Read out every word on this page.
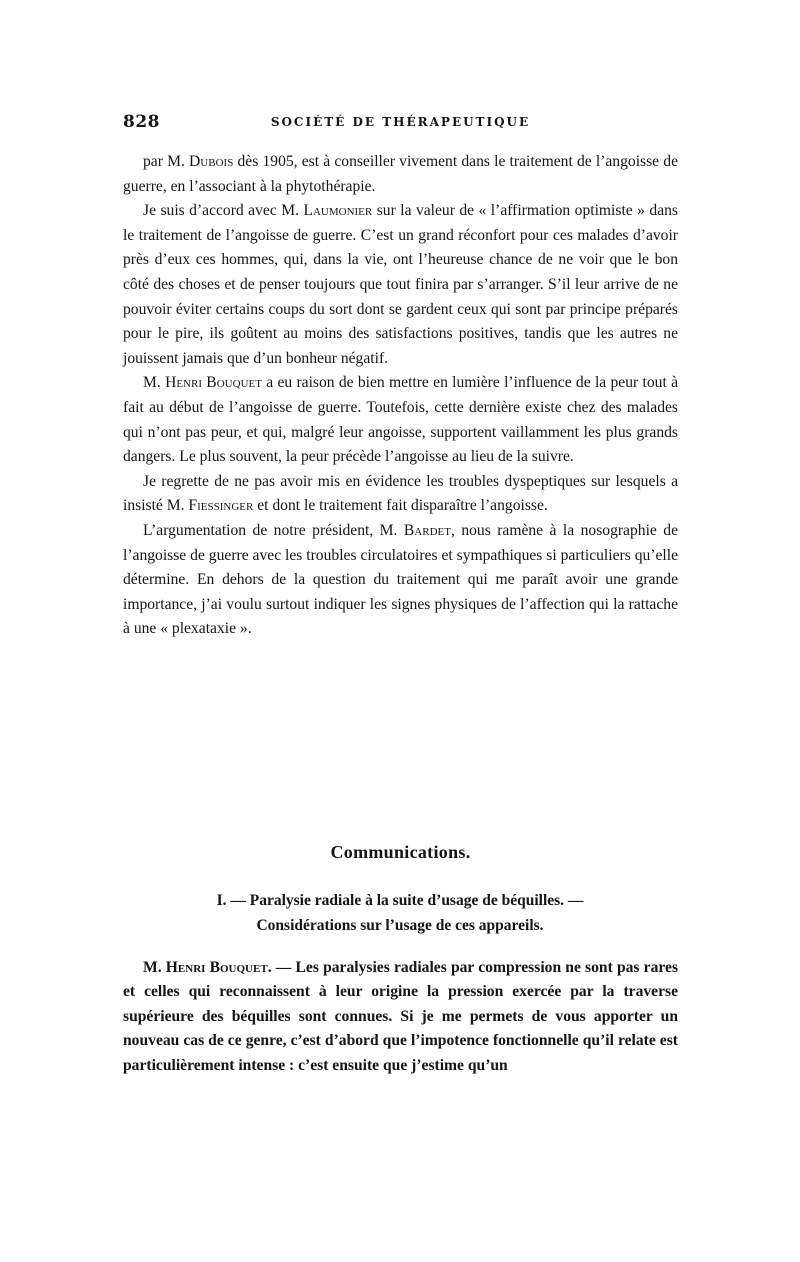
828	SOCIÉTÉ DE THÉRAPEUTIQUE

par M. Dubois dès 1905, est à conseiller vivement dans le traitement de l’angoisse de guerre, en l’associant à la phytothérapie.

Je suis d’accord avec M. Laumonier sur la valeur de « l’affirmation optimiste » dans le traitement de l’angoisse de guerre. C’est un grand réconfort pour ces malades d’avoir près d’eux ces hommes, qui, dans la vie, ont l’heureuse chance de ne voir que le bon côté des choses et de penser toujours que tout finira par s’arranger. S’il leur arrive de ne pouvoir éviter certains coups du sort dont se gardent ceux qui sont par principe préparés pour le pire, ils goûtent au moins des satisfactions positives, tandis que les autres ne jouissent jamais que d’un bonheur négatif.

M. Henri Bouquet a eu raison de bien mettre en lumière l’influence de la peur tout à fait au début de l’angoisse de guerre. Toutefois, cette dernière existe chez des malades qui n’ont pas peur, et qui, malgré leur angoisse, supportent vaillamment les plus grands dangers. Le plus souvent, la peur précède l’angoisse au lieu de la suivre.

Je regrette de ne pas avoir mis en évidence les troubles dyspeptiques sur lesquels a insisté M. Fiessinger et dont le traitement fait disparaître l’angoisse.

L’argumentation de notre président, M. Bardet, nous ramène à la nosographie de l’angoisse de guerre avec les troubles circulatoires et sympathiques si particuliers qu’elle détermine. En dehors de la question du traitement qui me paraît avoir une grande importance, j’ai voulu surtout indiquer les signes physiques de l’affection qui la rattache à une « plexataxie ».

Communications.
I. — Paralysie radiale à la suite d’usage de béquilles. —
Considérations sur l’usage de ces appareils.

M. Henri Bouquet. — Les paralysies radiales par compression ne sont pas rares et celles qui reconnaissent à leur origine la pression exercée par la traverse supérieure des béquilles sont connues. Si je me permets de vous apporter un nouveau cas de ce genre, c’est d’abord que l’impotence fonctionnelle qu’il relate est particulièrement intense : c’est ensuite que j’estime qu’un
